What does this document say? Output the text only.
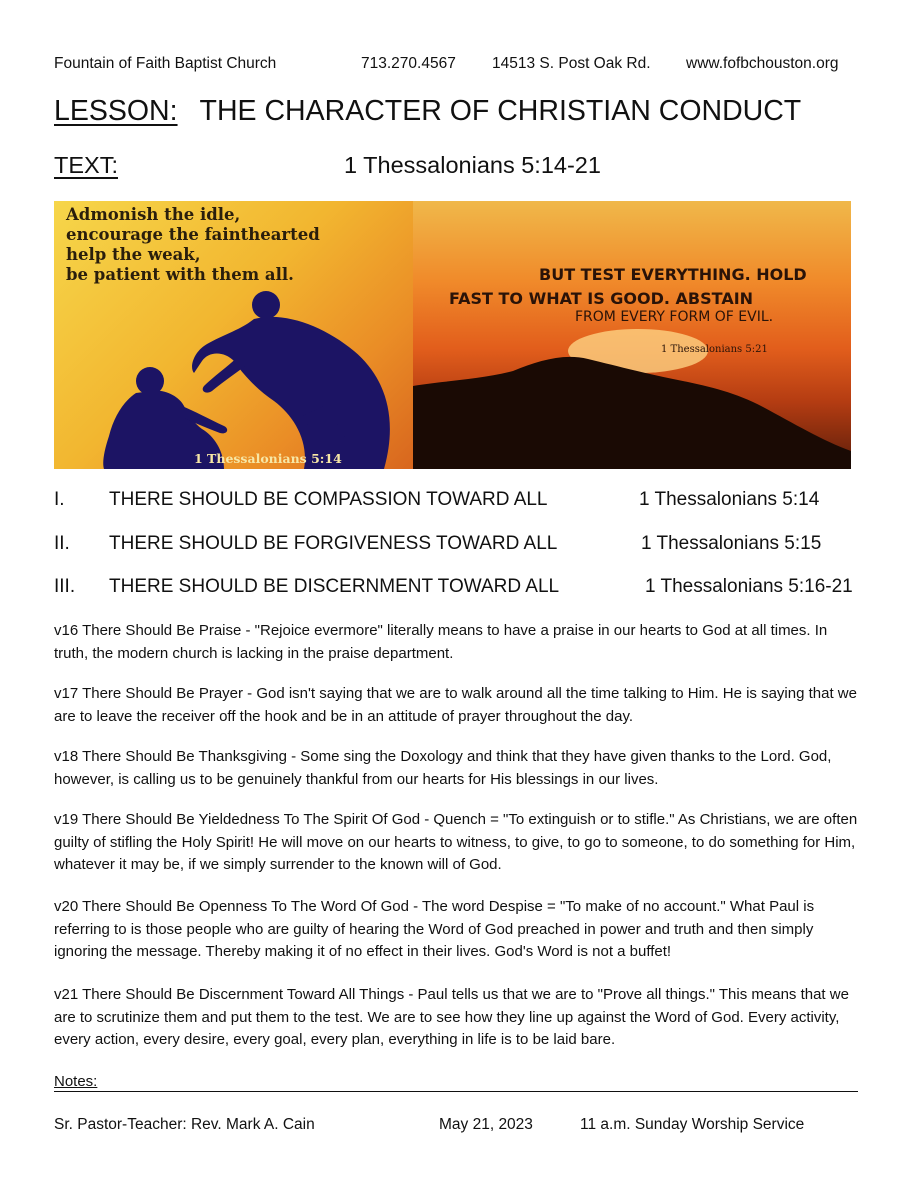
Fountain of Faith Baptist Church	713.270.4567 14513 S. Post Oak Rd. www.fofbchouston.org
LESSON: THE CHARACTER OF CHRISTIAN CONDUCT
TEXT:	1 Thessalonians 5:14-21
Admonish the idle,
encourage the fainthearted
help the weak,
be patient with them all.
1 Thessalonians 5:14
BUT TEST EVERYTHING. HOLD
FAST TO WHAT IS GOOD. ABSTAIN
FROM EVERY FORM OF EVIL.
1 Thessalonians 5:21
I. THERE SHOULD BE COMPASSION TOWARD ALL	1 Thessalonians 5:14
II. THERE SHOULD BE FORGIVENESS TOWARD ALL	1 Thessalonians 5:15
III. THERE SHOULD BE DISCERNMENT TOWARD ALL	1 Thessalonians 5:16-21
v16 There Should Be Praise - "Rejoice evermore" literally means to have a praise in our hearts to God at all times. In truth, the modern church is lacking in the praise department.
v17 There Should Be Prayer - God isn't saying that we are to walk around all the time talking to Him. He is saying that we are to leave the receiver off the hook and be in an attitude of prayer throughout the day.
v18 There Should Be Thanksgiving - Some sing the Doxology and think that they have given thanks to the Lord. God, however, is calling us to be genuinely thankful from our hearts for His blessings in our lives.
v19 There Should Be Yieldedness To The Spirit Of God - Quench = "To extinguish or to stifle." As Christians, we are often guilty of stifling the Holy Spirit! He will move on our hearts to witness, to give, to go to someone, to do something for Him, whatever it may be, if we simply surrender to the known will of God.
v20 There Should Be Openness To The Word Of God - The word Despise = "To make of no account." What Paul is referring to is those people who are guilty of hearing the Word of God preached in power and truth and then simply ignoring the message. Thereby making it of no effect in their lives. God's Word is not a buffet!
v21 There Should Be Discernment Toward All Things - Paul tells us that we are to "Prove all things." This means that we are to scrutinize them and put them to the test. We are to see how they line up against the Word of God. Every activity, every action, every desire, every goal, every plan, everything in life is to be laid bare.
Notes:
Sr. Pastor-Teacher: Rev. Mark A. Cain	May 21, 2023	11 a.m. Sunday Worship Service
